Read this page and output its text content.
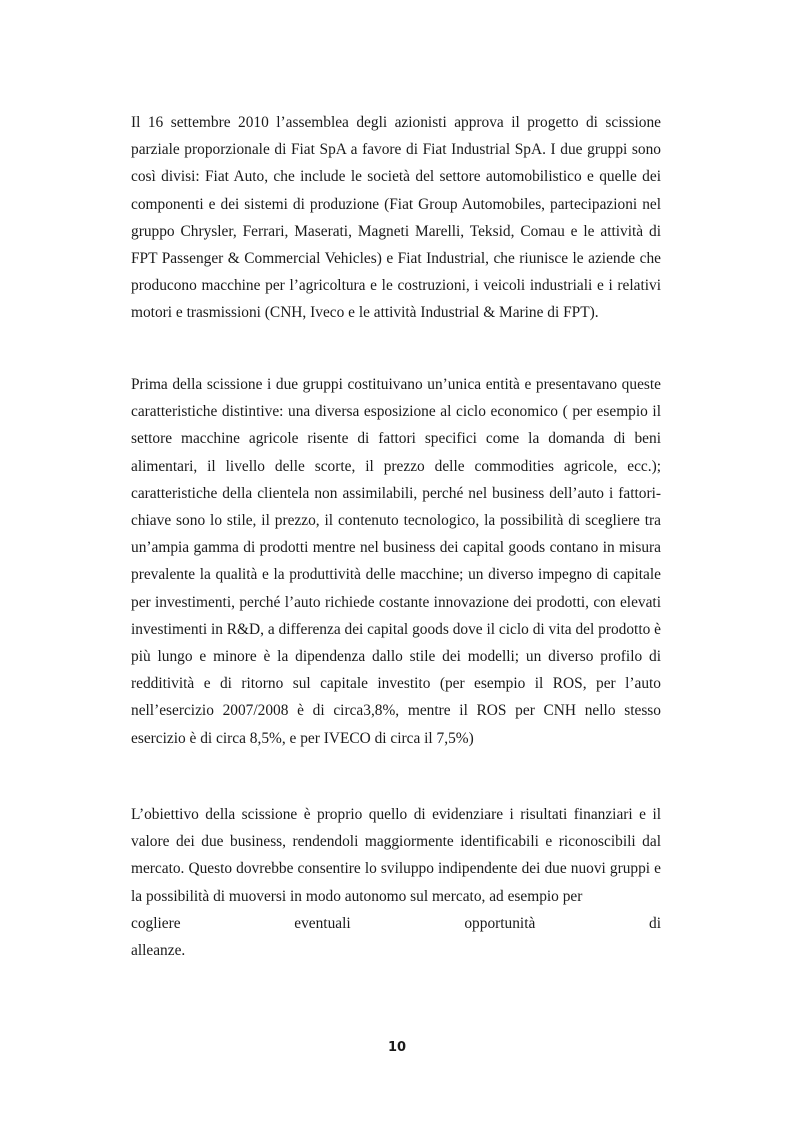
Il 16 settembre 2010 l’assemblea degli azionisti approva il progetto di scissione parziale proporzionale di Fiat SpA a favore di Fiat Industrial SpA. I due gruppi sono così divisi: Fiat Auto, che include le società del settore automobilistico e quelle dei componenti e dei sistemi di produzione (Fiat Group Automobiles, partecipazioni nel gruppo Chrysler, Ferrari, Maserati, Magneti Marelli, Teksid, Comau e le attività di FPT Passenger & Commercial Vehicles) e Fiat Industrial, che riunisce le aziende che producono macchine per l’agricoltura e le costruzioni, i veicoli industriali e i relativi motori e trasmissioni (CNH, Iveco e le attività Industrial & Marine di FPT).

Prima della scissione i due gruppi costituivano un’unica entità e presentavano queste caratteristiche distintive: una diversa esposizione al ciclo economico ( per esempio il settore macchine agricole risente di fattori specifici come la domanda di beni alimentari, il livello delle scorte, il prezzo delle commodities agricole, ecc.); caratteristiche della clientela non assimilabili, perché nel business dell’auto i fattori-chiave sono lo stile, il prezzo, il contenuto tecnologico, la possibilità di scegliere tra un’ampia gamma di prodotti mentre nel business dei capital goods contano in misura prevalente la qualità e la produttività delle macchine; un diverso impegno di capitale per investimenti, perché l’auto richiede costante innovazione dei prodotti, con elevati investimenti in R&D, a differenza dei capital goods dove il ciclo di vita del prodotto è più lungo e minore è la dipendenza dallo stile dei modelli; un diverso profilo di redditività e di ritorno sul capitale investito (per esempio il ROS, per l’auto nell’esercizio 2007/2008 è di circa3,8%, mentre il ROS per CNH nello stesso esercizio è di circa 8,5%, e per IVECO di circa il 7,5%)

L’obiettivo della scissione è proprio quello di evidenziare i risultati finanziari e il valore dei due business, rendendoli maggiormente identificabili e riconoscibili dal mercato. Questo dovrebbe consentire lo sviluppo indipendente dei due nuovi gruppi e la possibilità di muoversi in modo autonomo sul mercato, ad esempio per

cogliere eventuali opportunità di

alleanze.

10
